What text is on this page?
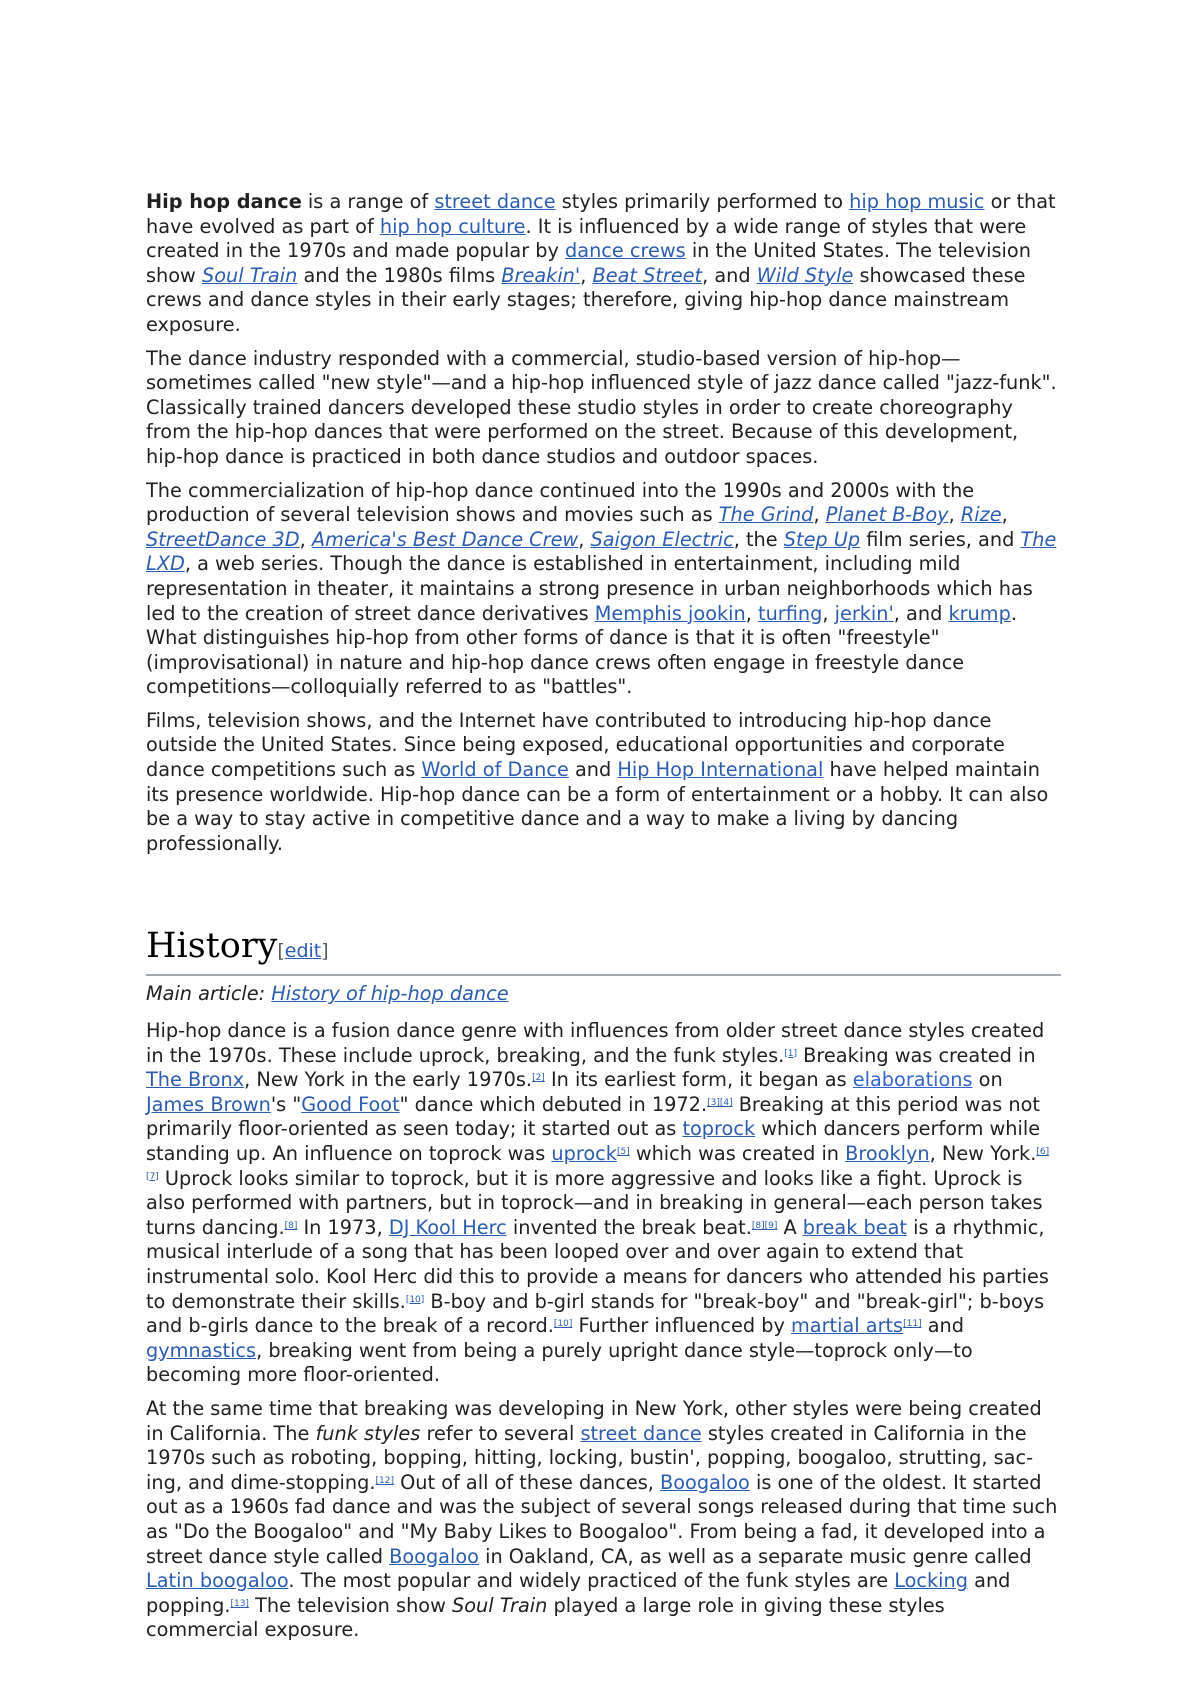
Hip hop dance is a range of street dance styles primarily performed to hip hop music or that have evolved as part of hip hop culture. It is influenced by a wide range of styles that were created in the 1970s and made popular by dance crews in the United States. The television show Soul Train and the 1980s films Breakin', Beat Street, and Wild Style showcased these crews and dance styles in their early stages; therefore, giving hip-hop dance mainstream exposure.

The dance industry responded with a commercial, studio-based version of hip-hop—sometimes called "new style"—and a hip-hop influenced style of jazz dance called "jazz-funk". Classically trained dancers developed these studio styles in order to create choreography from the hip-hop dances that were performed on the street. Because of this development, hip-hop dance is practiced in both dance studios and outdoor spaces.

The commercialization of hip-hop dance continued into the 1990s and 2000s with the production of several television shows and movies such as The Grind, Planet B-Boy, Rize, StreetDance 3D, America's Best Dance Crew, Saigon Electric, the Step Up film series, and The LXD, a web series. Though the dance is established in entertainment, including mild representation in theater, it maintains a strong presence in urban neighborhoods which has led to the creation of street dance derivatives Memphis jookin, turfing, jerkin', and krump. What distinguishes hip-hop from other forms of dance is that it is often "freestyle" (improvisational) in nature and hip-hop dance crews often engage in freestyle dance competitions—colloquially referred to as "battles".

Films, television shows, and the Internet have contributed to introducing hip-hop dance outside the United States. Since being exposed, educational opportunities and corporate dance competitions such as World of Dance and Hip Hop International have helped maintain its presence worldwide. Hip-hop dance can be a form of entertainment or a hobby. It can also be a way to stay active in competitive dance and a way to make a living by dancing professionally.

History[edit]
Main article: History of hip-hop dance

Hip-hop dance is a fusion dance genre with influences from older street dance styles created in the 1970s. These include uprock, breaking, and the funk styles.[1] Breaking was created in The Bronx, New York in the early 1970s.[2] In its earliest form, it began as elaborations on James Brown's "Good Foot" dance which debuted in 1972.[3][4] Breaking at this period was not primarily floor-oriented as seen today; it started out as toprock which dancers perform while standing up. An influence on toprock was uprock[5] which was created in Brooklyn, New York.[6][7] Uprock looks similar to toprock, but it is more aggressive and looks like a fight. Uprock is also performed with partners, but in toprock—and in breaking in general—each person takes turns dancing.[8] In 1973, DJ Kool Herc invented the break beat.[8][9] A break beat is a rhythmic, musical interlude of a song that has been looped over and over again to extend that instrumental solo. Kool Herc did this to provide a means for dancers who attended his parties to demonstrate their skills.[10] B-boy and b-girl stands for "break-boy" and "break-girl"; b-boys and b-girls dance to the break of a record.[10] Further influenced by martial arts[11] and gymnastics, breaking went from being a purely upright dance style—toprock only—to becoming more floor-oriented.

At the same time that breaking was developing in New York, other styles were being created in California. The funk styles refer to several street dance styles created in California in the 1970s such as roboting, bopping, hitting, locking, bustin', popping, boogaloo, strutting, sac-ing, and dime-stopping.[12] Out of all of these dances, Boogaloo is one of the oldest. It started out as a 1960s fad dance and was the subject of several songs released during that time such as "Do the Boogaloo" and "My Baby Likes to Boogaloo". From being a fad, it developed into a street dance style called Boogaloo in Oakland, CA, as well as a separate music genre called Latin boogaloo. The most popular and widely practiced of the funk styles are Locking and popping.[13] The television show Soul Train played a large role in giving these styles commercial exposure.
